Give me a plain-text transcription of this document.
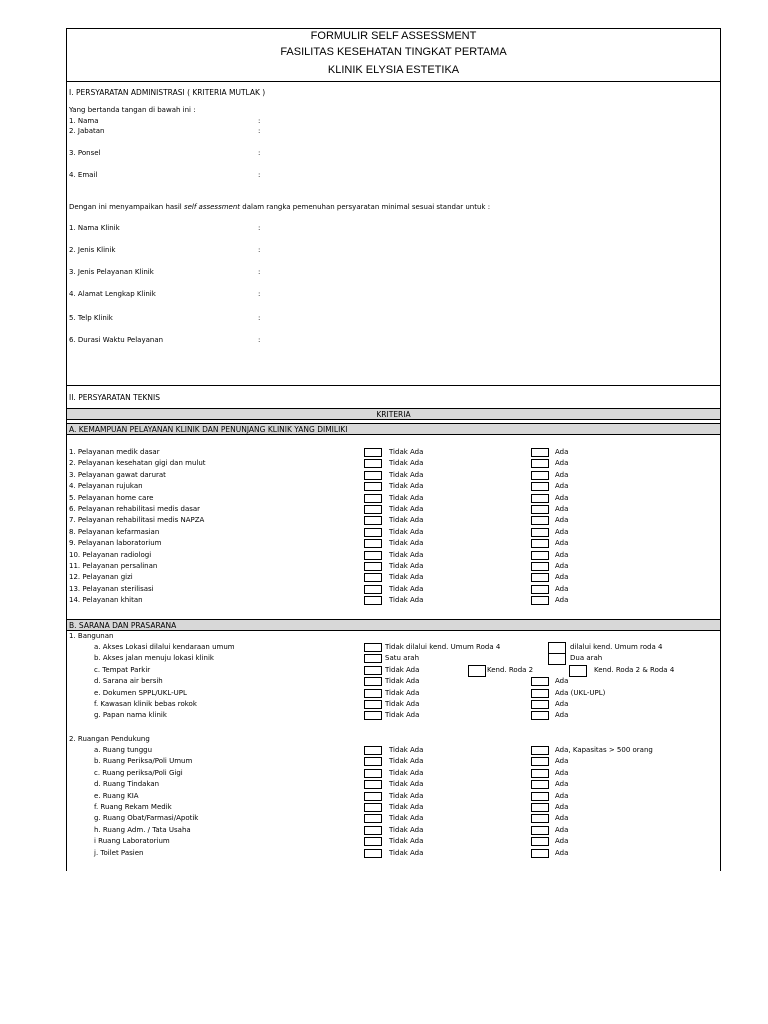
FORMULIR SELF ASSESSMENT
FASILITAS KESEHATAN TINGKAT PERTAMA
KLINIK ELYSIA ESTETIKA
I. PERSYARATAN ADMINISTRASI ( KRITERIA MUTLAK )
Yang bertanda tangan di bawah ini :
1. Nama	:
2. Jabatan	:
3. Ponsel	:
4. Email	:
Dengan ini menyampaikan hasil self assessment dalam rangka pemenuhan persyaratan minimal sesuai standar untuk :
1. Nama Klinik	:
2. Jenis Klinik	:
3. Jenis Pelayanan Klinik	:
4. Alamat Lengkap Klinik	:
5. Telp Klinik	:
6. Durasi Waktu Pelayanan	:
II. PERSYARATAN TEKNIS
KRITERIA
A. KEMAMPUAN PELAYANAN KLINIK DAN PENUNJANG KLINIK YANG DIMILIKI
1. Pelayanan medik dasar	Tidak Ada	Ada
2. Pelayanan kesehatan gigi dan mulut	Tidak Ada	Ada
3. Pelayanan gawat darurat	Tidak Ada	Ada
4. Pelayanan rujukan	Tidak Ada	Ada
5. Pelayanan home care	Tidak Ada	Ada
6. Pelayanan rehabilitasi medis dasar	Tidak Ada	Ada
7. Pelayanan rehabilitasi medis NAPZA	Tidak Ada	Ada
8. Pelayanan kefarmasian	Tidak Ada	Ada
9. Pelayanan laboratorium	Tidak Ada	Ada
10. Pelayanan radiologi	Tidak Ada	Ada
11. Pelayanan persalinan	Tidak Ada	Ada
12. Pelayanan gizi	Tidak Ada	Ada
13. Pelayanan sterilisasi	Tidak Ada	Ada
14. Pelayanan khitan	Tidak Ada	Ada
B. SARANA DAN PRASARANA
1. Bangunan
a. Akses Lokasi dilalui kendaraan umum	Tidak dilalui kend. Umum Roda 4	dilalui kend. Umum roda 4
b. Akses jalan menuju lokasi klinik	Satu arah	Dua arah
c. Tempat Parkir	Tidak Ada	Kend. Roda 2	Kend. Roda 2 & Roda 4
d. Sarana air bersih	Tidak Ada	Ada
e. Dokumen SPPL/UKL-UPL	Tidak Ada	Ada (UKL-UPL)
f. Kawasan klinik bebas rokok	Tidak Ada	Ada
g. Papan nama klinik	Tidak Ada	Ada
2. Ruangan Pendukung
a. Ruang tunggu	Tidak Ada	Ada, Kapasitas > 500 orang
b. Ruang Periksa/Poli Umum	Tidak Ada	Ada
c. Ruang periksa/Poli Gigi	Tidak Ada	Ada
d. Ruang Tindakan	Tidak Ada	Ada
e. Ruang KIA	Tidak Ada	Ada
f. Ruang Rekam Medik	Tidak Ada	Ada
g. Ruang Obat/Farmasi/Apotik	Tidak Ada	Ada
h. Ruang Adm. / Tata Usaha	Tidak Ada	Ada
i Ruang Laboratorium	Tidak Ada	Ada
j. Toilet Pasien	Tidak Ada	Ada
